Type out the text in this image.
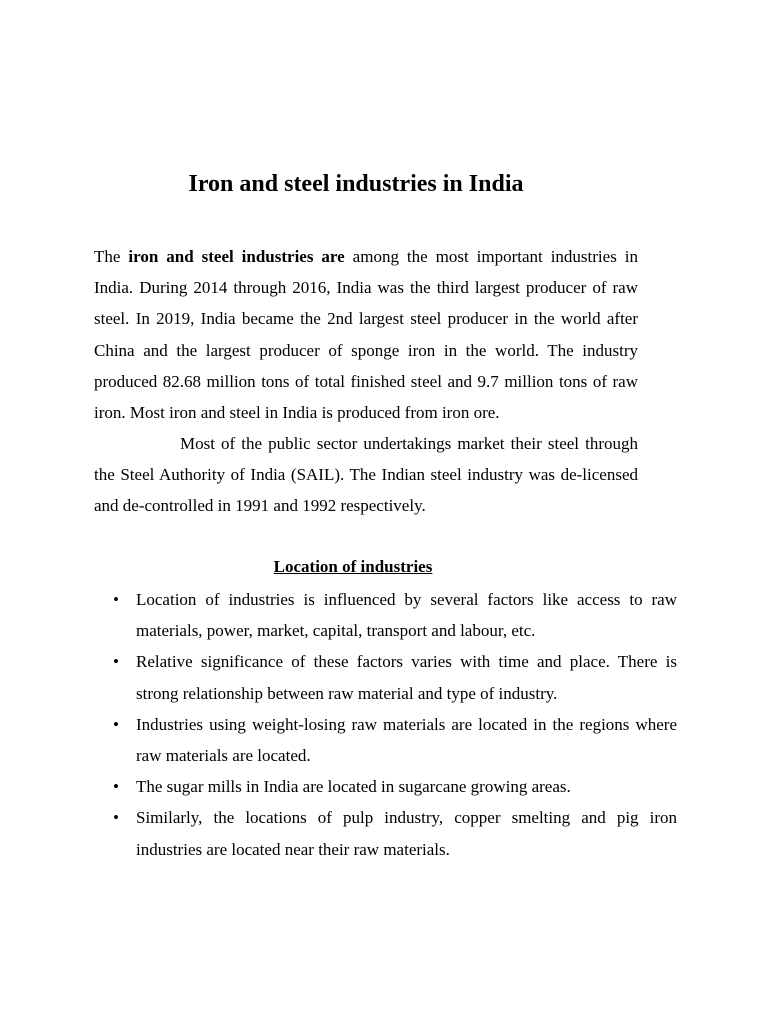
Iron and steel industries in India

The iron and steel industries are among the most important industries in India. During 2014 through 2016, India was the third largest producer of raw steel. In 2019, India became the 2nd largest steel producer in the world after China and the largest producer of sponge iron in the world. The industry produced 82.68 million tons of total finished steel and 9.7 million tons of raw iron. Most iron and steel in India is produced from iron ore.

Most of the public sector undertakings market their steel through the Steel Authority of India (SAIL). The Indian steel industry was de-licensed and de-controlled in 1991 and 1992 respectively.

Location of industries
• Location of industries is influenced by several factors like access to raw materials, power, market, capital, transport and labour, etc.
• Relative significance of these factors varies with time and place. There is strong relationship between raw material and type of industry.
• Industries using weight-losing raw materials are located in the regions where raw materials are located.
• The sugar mills in India are located in sugarcane growing areas.
• Similarly, the locations of pulp industry, copper smelting and pig iron industries are located near their raw materials.
